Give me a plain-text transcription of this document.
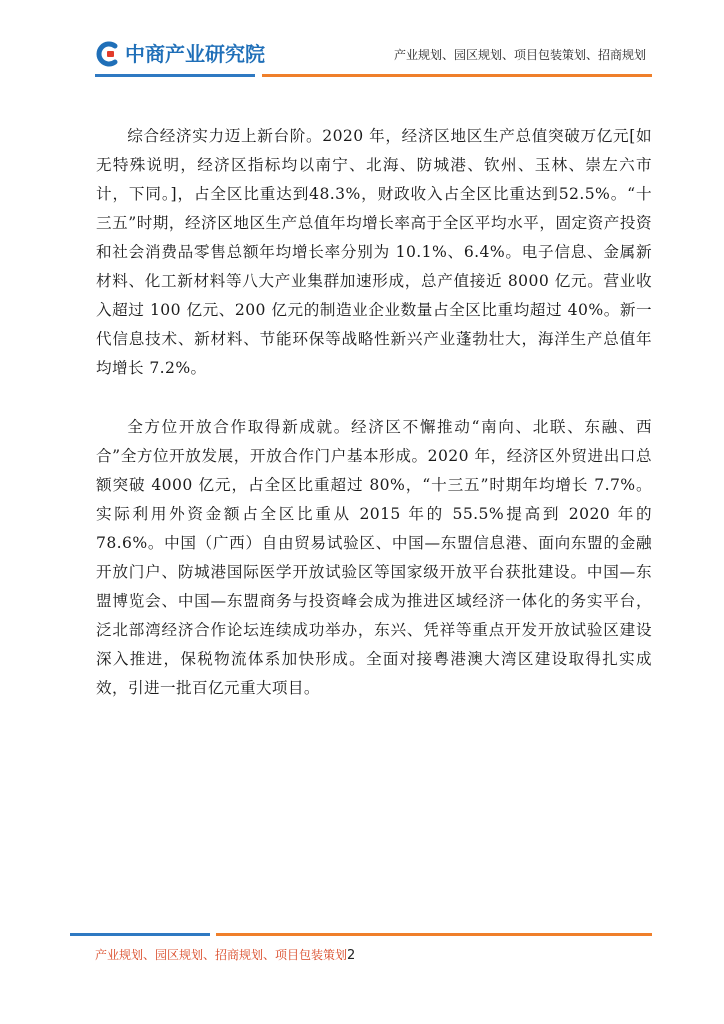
中商产业研究院	产业规划、园区规划、项目包装策划、招商规划

综合经济实力迈上新台阶。2020 年，经济区地区生产总值突破万亿元[如无特殊说明，经济区指标均以南宁、北海、防城港、钦州、玉林、崇左六市计，下同。]，占全区比重达到48.3%，财政收入占全区比重达到52.5%。“十三五”时期，经济区地区生产总值年均增长率高于全区平均水平，固定资产投资和社会消费品零售总额年均增长率分别为 10.1%、6.4%。电子信息、金属新材料、化工新材料等八大产业集群加速形成，总产值接近 8000 亿元。营业收入超过 100 亿元、200 亿元的制造业企业数量占全区比重均超过 40%。新一代信息技术、新材料、节能环保等战略性新兴产业蓬勃壮大，海洋生产总值年均增长 7.2%。

全方位开放合作取得新成就。经济区不懈推动“南向、北联、东融、西合”全方位开放发展，开放合作门户基本形成。2020 年，经济区外贸进出口总额突破 4000 亿元，占全区比重超过 80%，“十三五”时期年均增长 7.7%。实际利用外资金额占全区比重从 2015 年的 55.5%提高到 2020 年的 78.6%。中国（广西）自由贸易试验区、中国—东盟信息港、面向东盟的金融开放门户、防城港国际医学开放试验区等国家级开放平台获批建设。中国—东盟博览会、中国—东盟商务与投资峰会成为推进区域经济一体化的务实平台，泛北部湾经济合作论坛连续成功举办，东兴、凭祥等重点开发开放试验区建设深入推进，保税物流体系加快形成。全面对接粤港澳大湾区建设取得扎实成效，引进一批百亿元重大项目。

产业规划、园区规划、招商规划、项目包装策划2
